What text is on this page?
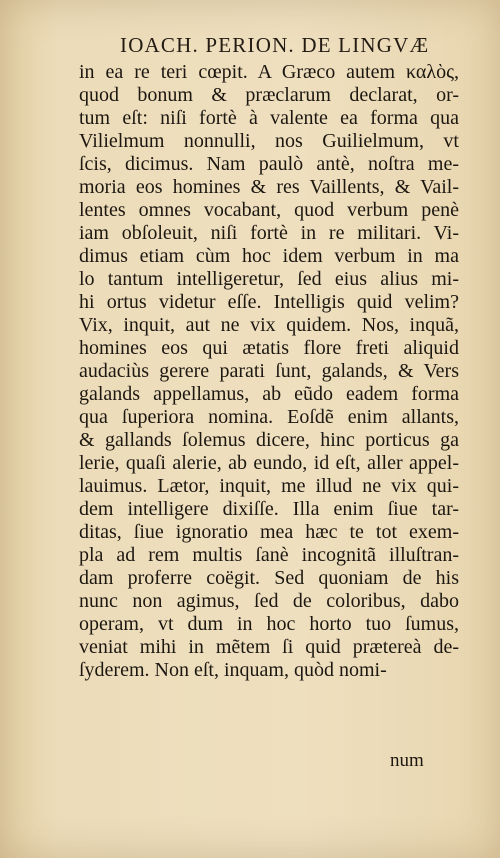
IOACH. PERION. DE LINGVÆ
in ea re teri cœpit. A Græco autem καλὸς,
quod bonum & præclarum declarat, or-
tum eſt: niſi fortè à valente ea forma qua
Vilielmum nonnulli, nos Guilielmum, vt
ſcis, dicimus. Nam paulò antè, noſtra me-
moria eos homines & res Vaillents, & Vail-
lentes omnes vocabant, quod verbum penè
iam obſoleuit, niſi fortè in re militari. Vi-
dimus etiam cùm hoc idem verbum in ma
lo tantum intelligeretur, ſed eius alius mi-
hi ortus videtur eſſe. Intelligis quid velim?
Vix, inquit, aut ne vix quidem. Nos, inquã,
homines eos qui ætatis flore freti aliquid
audaciùs gerere parati ſunt, galands, & Vers
galands appellamus, ab eũdo eadem forma
qua ſuperiora nomina. Eoſdẽ enim allants,
& gallands ſolemus dicere, hinc porticus ga
lerie, quaſi alerie, ab eundo, id eſt, aller appel-
lauimus. Lætor, inquit, me illud ne vix qui-
dem intelligere dixiſſe. Illa enim ſiue tar-
ditas, ſiue ignoratio mea hæc te tot exem-
pla ad rem multis ſanè incognitã illuſtran-
dam proferre coëgit. Sed quoniam de his
nunc non agimus, ſed de coloribus, dabo
operam, vt dum in hoc horto tuo ſumus,
veniat mihi in mẽtem ſi quid prætereà de-
ſyderem. Non eſt, inquam, quòd nomi-
num
